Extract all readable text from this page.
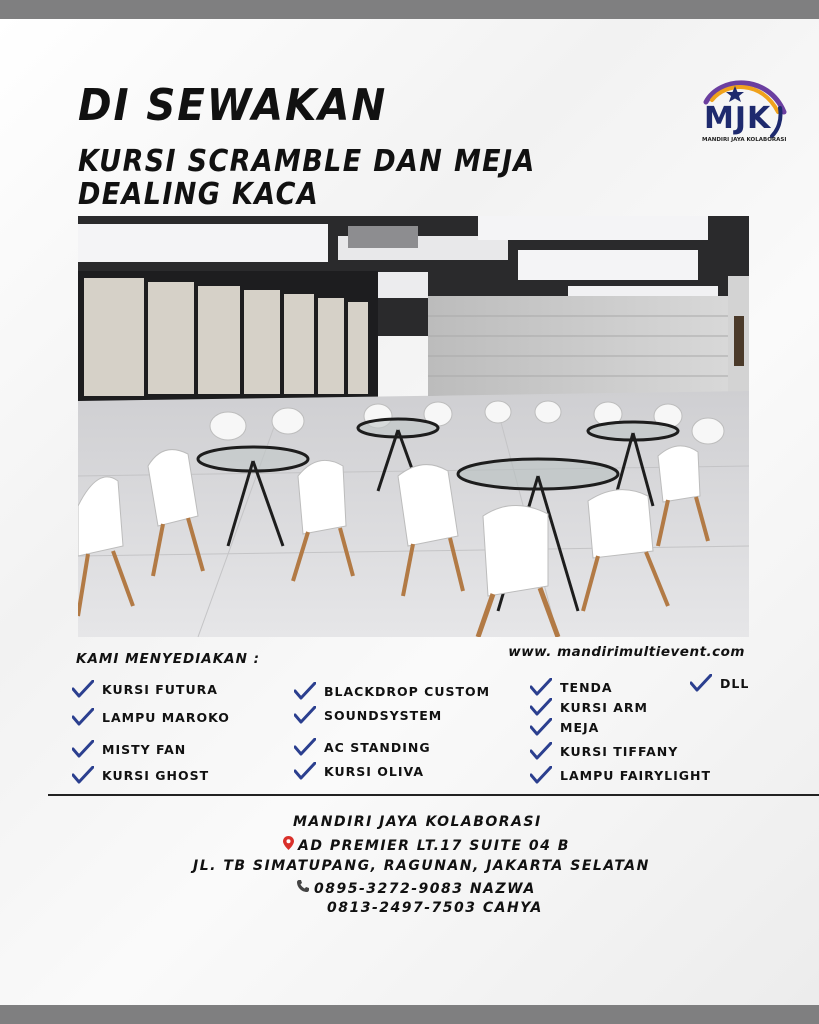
DI SEWAKAN
KURSI SCRAMBLE DAN MEJA
DEALING KACA
MJK
MANDIRI JAYA KOLABORASI
KAMI MENYEDIAKAN :	www. mandirimultievent.com
KURSI FUTURA
LAMPU MAROKO
MISTY FAN
KURSI GHOST
BLACKDROP CUSTOM
SOUNDSYSTEM
AC STANDING
KURSI OLIVA
TENDA
KURSI ARM
MEJA
KURSI TIFFANY
LAMPU FAIRYLIGHT
DLL
MANDIRI JAYA KOLABORASI
AD PREMIER LT.17 SUITE 04 B
JL. TB SIMATUPANG, RAGUNAN, JAKARTA SELATAN
0895-3272-9083 NAZWA
0813-2497-7503 CAHYA
